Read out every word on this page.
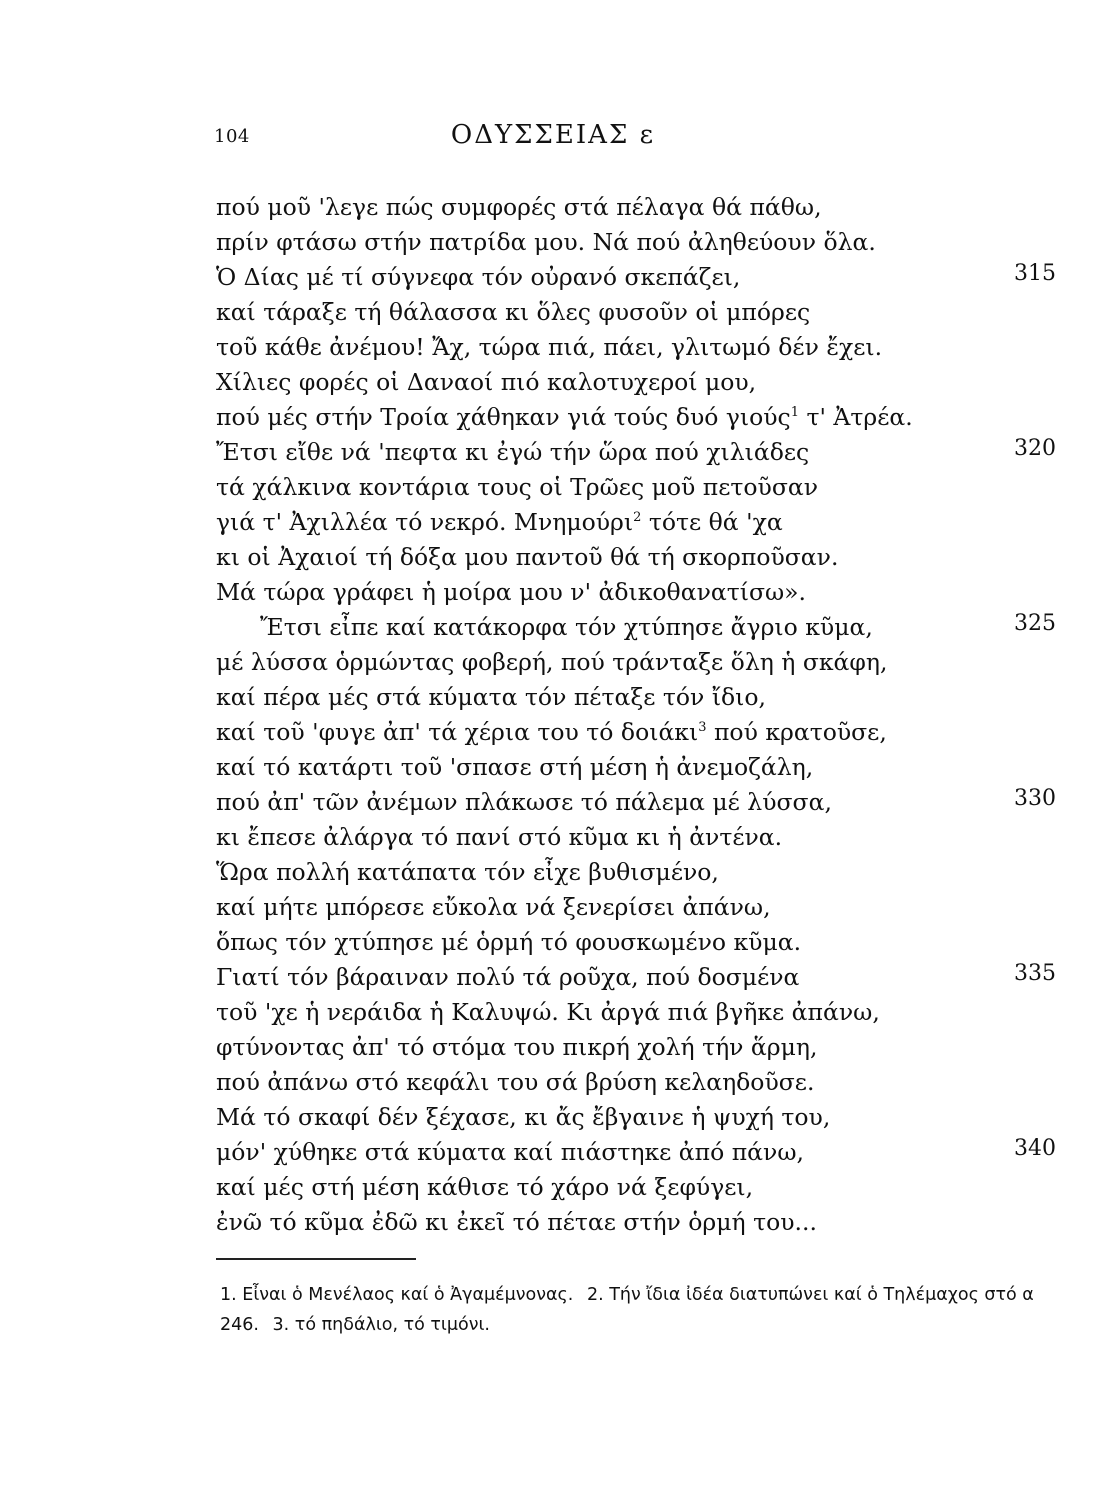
104	ΟΔΥΣΣΕΙΑΣ ε
πού μοῦ 'λεγε πώς συμφορές στά πέλαγα θά πάθω,
πρίν φτάσω στήν πατρίδα μου. Νά πού ἀληθεύουν ὅλα.
Ὁ Δίας μέ τί σύγνεφα τόν οὐρανό σκεπάζει,	315
καί τάραξε τή θάλασσα κι ὅλες φυσοῦν οἱ μπόρες
τοῦ κάθε ἀνέμου! Ἄχ, τώρα πιά, πάει, γλιτωμό δέν ἔχει.
Χίλιες φορές οἱ Δαναοί πιό καλοτυχεροί μου,
πού μές στήν Τροία χάθηκαν γιά τούς δυό γιούς$^1$ τ' Ἀτρέα.
Ἔτσι εἴθε νά 'πεφτα κι ἐγώ τήν ὥρα πού χιλιάδες	320
τά χάλκινα κοντάρια τους οἱ Τρῶες μοῦ πετοῦσαν
γιά τ' Ἀχιλλέα τό νεκρό. Μνημούρι$^2$ τότε θά 'χα
κι οἱ Ἀχαιοί τή δόξα μου παντοῦ θά τή σκορποῦσαν.
Μά τώρα γράφει ἡ μοίρα μου ν' ἀδικοθανατίσω».
Ἔτσι εἶπε καί κατάκορφα τόν χτύπησε ἄγριο κῦμα,	325
μέ λύσσα ὁρμώντας φοβερή, πού τράνταξε ὅλη ἡ σκάφη,
καί πέρα μές στά κύματα τόν πέταξε τόν ἴδιο,
καί τοῦ 'φυγε ἀπ' τά χέρια του τό δοιάκι$^3$ πού κρατοῦσε,
καί τό κατάρτι τοῦ 'σπασε στή μέση ἡ ἀνεμοζάλη,
πού ἀπ' τῶν ἀνέμων πλάκωσε τό πάλεμα μέ λύσσα,	330
κι ἔπεσε ἀλάργα τό πανί στό κῦμα κι ἡ ἀντένα.
Ὥρα πολλή κατάπατα τόν εἶχε βυθισμένο,
καί μήτε μπόρεσε εὔκολα νά ξενερίσει ἀπάνω,
ὅπως τόν χτύπησε μέ ὁρμή τό φουσκωμένο κῦμα.
Γιατί τόν βάραιναν πολύ τά ροῦχα, πού δοσμένα	335
τοῦ 'χε ἡ νεράιδα ἡ Καλυψώ. Κι ἀργά πιά βγῆκε ἀπάνω,
φτύνοντας ἀπ' τό στόμα του πικρή χολή τήν ἅρμη,
πού ἀπάνω στό κεφάλι του σά βρύση κελαηδοῦσε.
Μά τό σκαφί δέν ξέχασε, κι ἄς ἔβγαινε ἡ ψυχή του,
μόν' χύθηκε στά κύματα καί πιάστηκε ἀπό πάνω,	340
καί μές στή μέση κάθισε τό χάρο νά ξεφύγει,
ἐνῶ τό κῦμα ἐδῶ κι ἐκεῖ τό πέταε στήν ὁρμή του...
1. Εἶναι ὁ Μενέλαος καί ὁ Ἀγαμέμνονας. 2. Τήν ἴδια ἰδέα διατυπώνει καί ὁ Τηλέμαχος στό α 246. 3. τό πηδάλιο, τό τιμόνι.
